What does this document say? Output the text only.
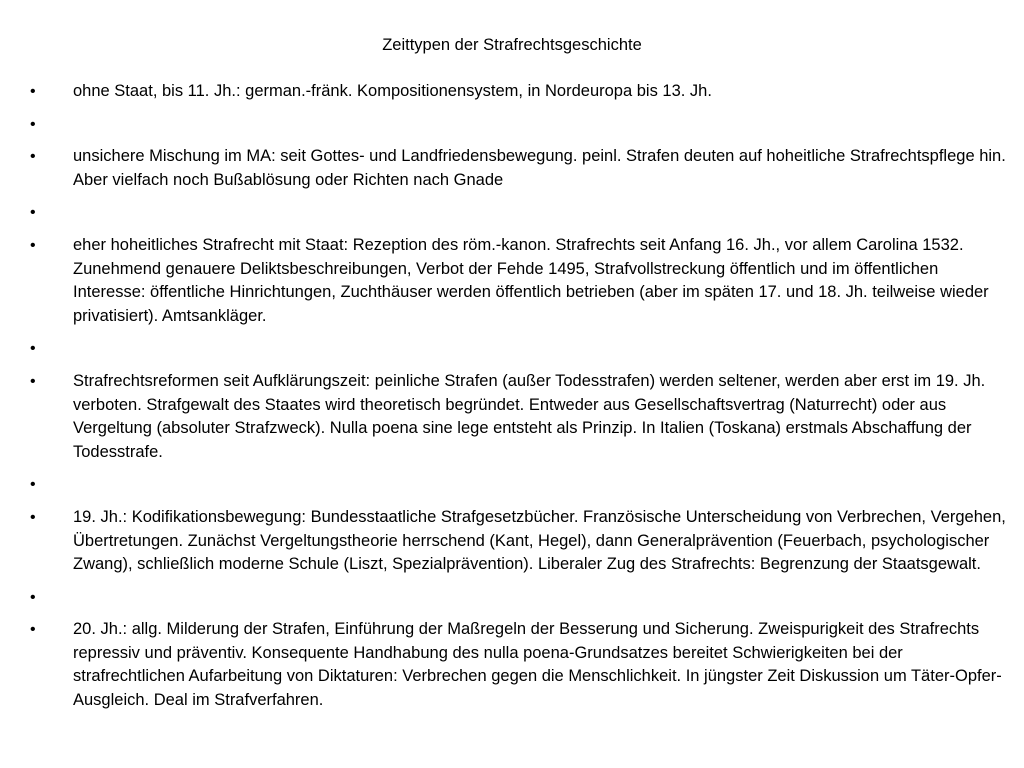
Zeittypen der Strafrechtsgeschichte
• ohne Staat, bis 11. Jh.: german.-fränk. Kompositionensystem, in Nordeuropa bis 13. Jh.
•
• unsichere Mischung im MA: seit Gottes- und Landfriedensbewegung. peinl. Strafen deuten auf hoheitliche Strafrechtspflege hin. Aber vielfach noch Bußablösung oder Richten nach Gnade
•
• eher hoheitliches Strafrecht mit Staat: Rezeption des röm.-kanon. Strafrechts seit Anfang 16. Jh., vor allem Carolina 1532. Zunehmend genauere Deliktsbeschreibungen, Verbot der Fehde 1495, Strafvollstreckung öffentlich und im öffentlichen Interesse: öffentliche Hinrichtungen, Zuchthäuser werden öffentlich betrieben (aber im späten 17. und 18. Jh. teilweise wieder privatisiert). Amtsankläger.
•
• Strafrechtsreformen seit Aufklärungszeit: peinliche Strafen (außer Todesstrafen) werden seltener, werden aber erst im 19. Jh. verboten. Strafgewalt des Staates wird theoretisch begründet. Entweder aus Gesellschaftsvertrag (Naturrecht) oder aus Vergeltung (absoluter Strafzweck). Nulla poena sine lege entsteht als Prinzip. In Italien (Toskana) erstmals Abschaffung der Todesstrafe.
•
• 19. Jh.: Kodifikationsbewegung: Bundesstaatliche Strafgesetzbücher. Französische Unterscheidung von Verbrechen, Vergehen, Übertretungen. Zunächst Vergeltungstheorie herrschend (Kant, Hegel), dann Generalprävention (Feuerbach, psychologischer Zwang), schließlich moderne Schule (Liszt, Spezialprävention). Liberaler Zug des Strafrechts: Begrenzung der Staatsgewalt.
•
• 20. Jh.: allg. Milderung der Strafen, Einführung der Maßregeln der Besserung und Sicherung. Zweispurigkeit des Strafrechts repressiv und präventiv. Konsequente Handhabung des nulla poena-Grundsatzes bereitet Schwierigkeiten bei der strafrechtlichen Aufarbeitung von Diktaturen: Verbrechen gegen die Menschlichkeit. In jüngster Zeit Diskussion um Täter-Opfer-Ausgleich. Deal im Strafverfahren.
